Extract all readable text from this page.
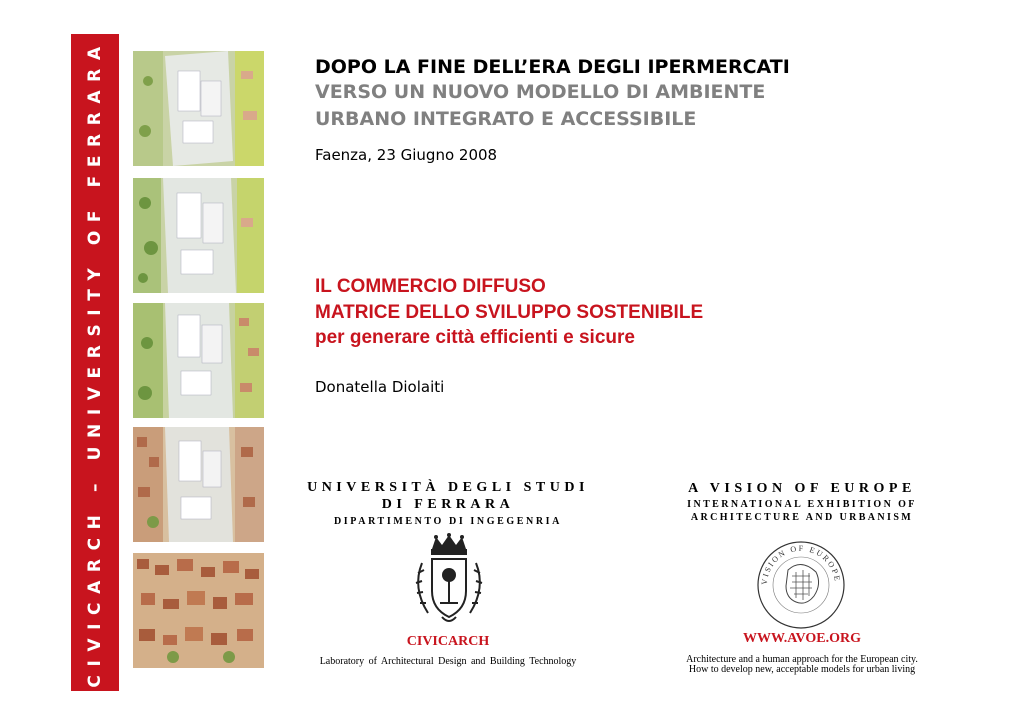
CIVICARCH – UNIVERSITY OF FERRARA	DOPO LA FINE DELL’ERA DEGLI IPERMERCATI
VERSO UN NUOVO MODELLO DI AMBIENTE
URBANO INTEGRATO E ACCESSIBILE
Faenza, 23 Giugno 2008
IL COMMERCIO DIFFUSO
MATRICE DELLO SVILUPPO SOSTENIBILE
per generare città efficienti e sicure
Donatella Diolaiti
UNIVERSITÀ DEGLI STUDI
DI FERRARA
DIPARTIMENTO DI INGEGENRIA
CIVICARCH
Laboratory of Architectural Design and Building Technology
A VISION OF EUROPE
INTERNATIONAL EXHIBITION OF
ARCHITECTURE AND URBANISM
VISION OF EUROPE
WWW.AVOE.ORG
Architecture and a human approach for the European city.
How to develop new, acceptable models for urban living
